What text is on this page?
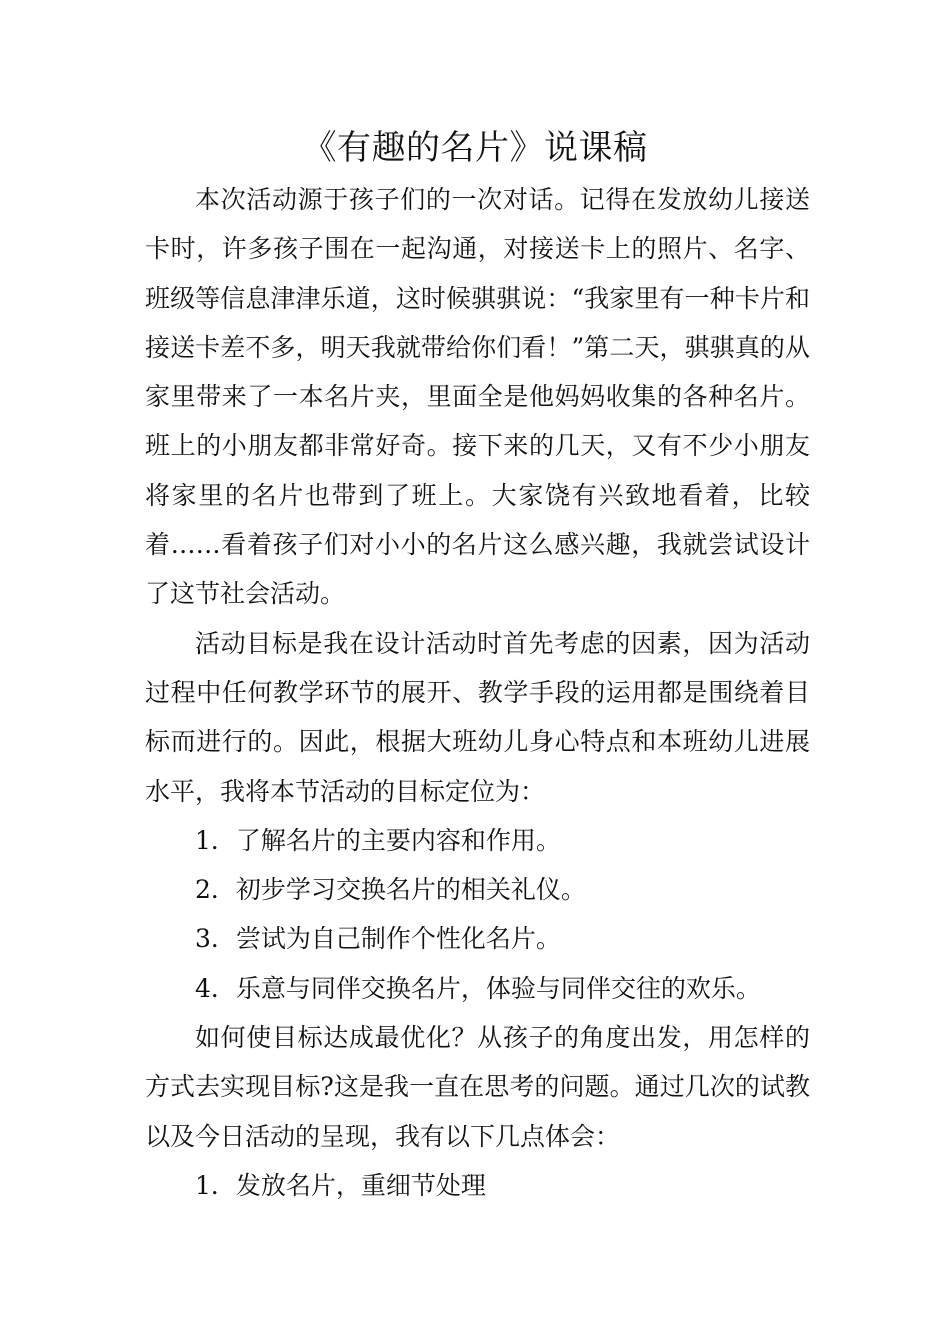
《有趣的名片》说课稿

本次活动源于孩子们的一次对话。记得在发放幼儿接送卡时，许多孩子围在一起沟通，对接送卡上的照片、名字、班级等信息津津乐道，这时候骐骐说：“我家里有一种卡片和接送卡差不多，明天我就带给你们看！”第二天，骐骐真的从家里带来了一本名片夹，里面全是他妈妈收集的各种名片。班上的小朋友都非常好奇。接下来的几天，又有不少小朋友将家里的名片也带到了班上。大家饶有兴致地看着，比较着……看着孩子们对小小的名片这么感兴趣，我就尝试设计了这节社会活动。

活动目标是我在设计活动时首先考虑的因素，因为活动过程中任何教学环节的展开、教学手段的运用都是围绕着目标而进行的。因此，根据大班幼儿身心特点和本班幼儿进展水平，我将本节活动的目标定位为：

1．了解名片的主要内容和作用。

2．初步学习交换名片的相关礼仪。

3．尝试为自己制作个性化名片。

4．乐意与同伴交换名片，体验与同伴交往的欢乐。

如何使目标达成最优化？从孩子的角度出发，用怎样的方式去实现目标?这是我一直在思考的问题。通过几次的试教以及今日活动的呈现，我有以下几点体会：

1．发放名片，重细节处理
